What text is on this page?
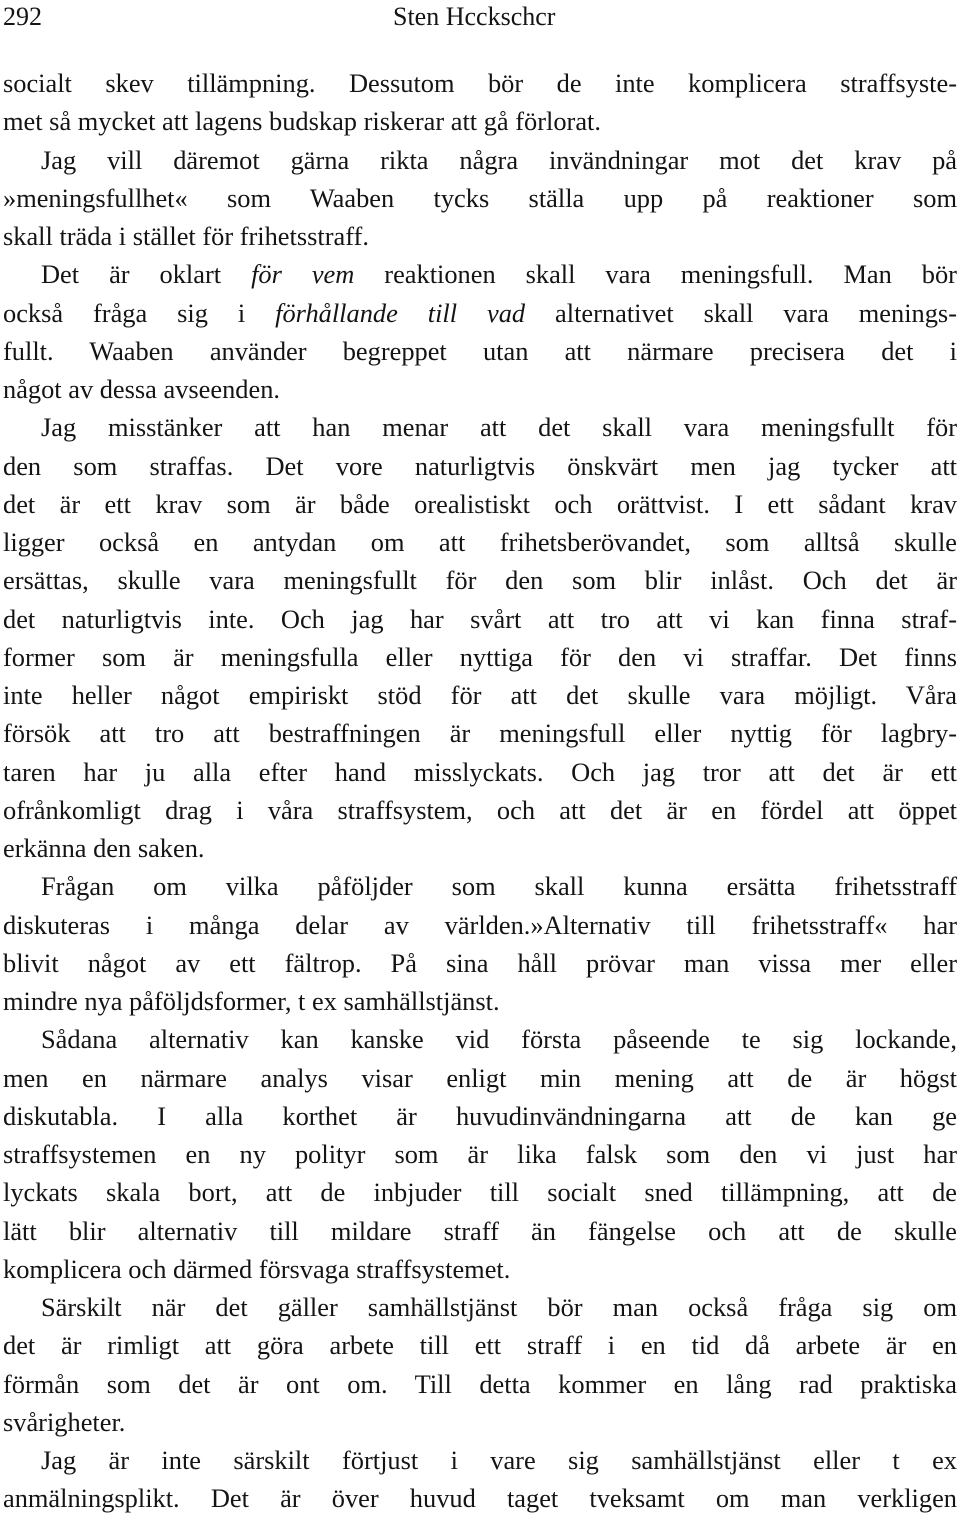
292	Sten Hcckschcr
socialt skev tillämpning. Dessutom bör de inte komplicera straffsyste-
met så mycket att lagens budskap riskerar att gå förlorat.
Jag vill däremot gärna rikta några invändningar mot det krav på
»meningsfullhet« som Waaben tycks ställa upp på reaktioner som
skall träda i stället för frihetsstraff.
Det är oklart för vem reaktionen skall vara meningsfull. Man bör
också fråga sig i förhållande till vad alternativet skall vara menings-
fullt. Waaben använder begreppet utan att närmare precisera det i
något av dessa avseenden.
Jag misstänker att han menar att det skall vara meningsfullt för
den som straffas. Det vore naturligtvis önskvärt men jag tycker att
det är ett krav som är både orealistiskt och orättvist. I ett sådant krav
ligger också en antydan om att frihetsberövandet, som alltså skulle
ersättas, skulle vara meningsfullt för den som blir inlåst. Och det är
det naturligtvis inte. Och jag har svårt att tro att vi kan finna straf-
former som är meningsfulla eller nyttiga för den vi straffar. Det finns
inte heller något empiriskt stöd för att det skulle vara möjligt. Våra
försök att tro att bestraffningen är meningsfull eller nyttig för lagbry-
taren har ju alla efter hand misslyckats. Och jag tror att det är ett
ofrånkomligt drag i våra straffsystem, och att det är en fördel att öppet
erkänna den saken.
Frågan om vilka påföljder som skall kunna ersätta frihetsstraff
diskuteras i många delar av världen.»Alternativ till frihetsstraff« har
blivit något av ett fältrop. På sina håll prövar man vissa mer eller
mindre nya påföljdsformer, t ex samhällstjänst.
Sådana alternativ kan kanske vid första påseende te sig lockande,
men en närmare analys visar enligt min mening att de är högst
diskutabla. I alla korthet är huvudinvändningarna att de kan ge
straffsystemen en ny polityr som är lika falsk som den vi just har
lyckats skala bort, att de inbjuder till socialt sned tillämpning, att de
lätt blir alternativ till mildare straff än fängelse och att de skulle
komplicera och därmed försvaga straffsystemet.
Särskilt när det gäller samhällstjänst bör man också fråga sig om
det är rimligt att göra arbete till ett straff i en tid då arbete är en
förmån som det är ont om. Till detta kommer en lång rad praktiska
svårigheter.
Jag är inte särskilt förtjust i vare sig samhällstjänst eller t ex
anmälningsplikt. Det är över huvud taget tveksamt om man verkligen
